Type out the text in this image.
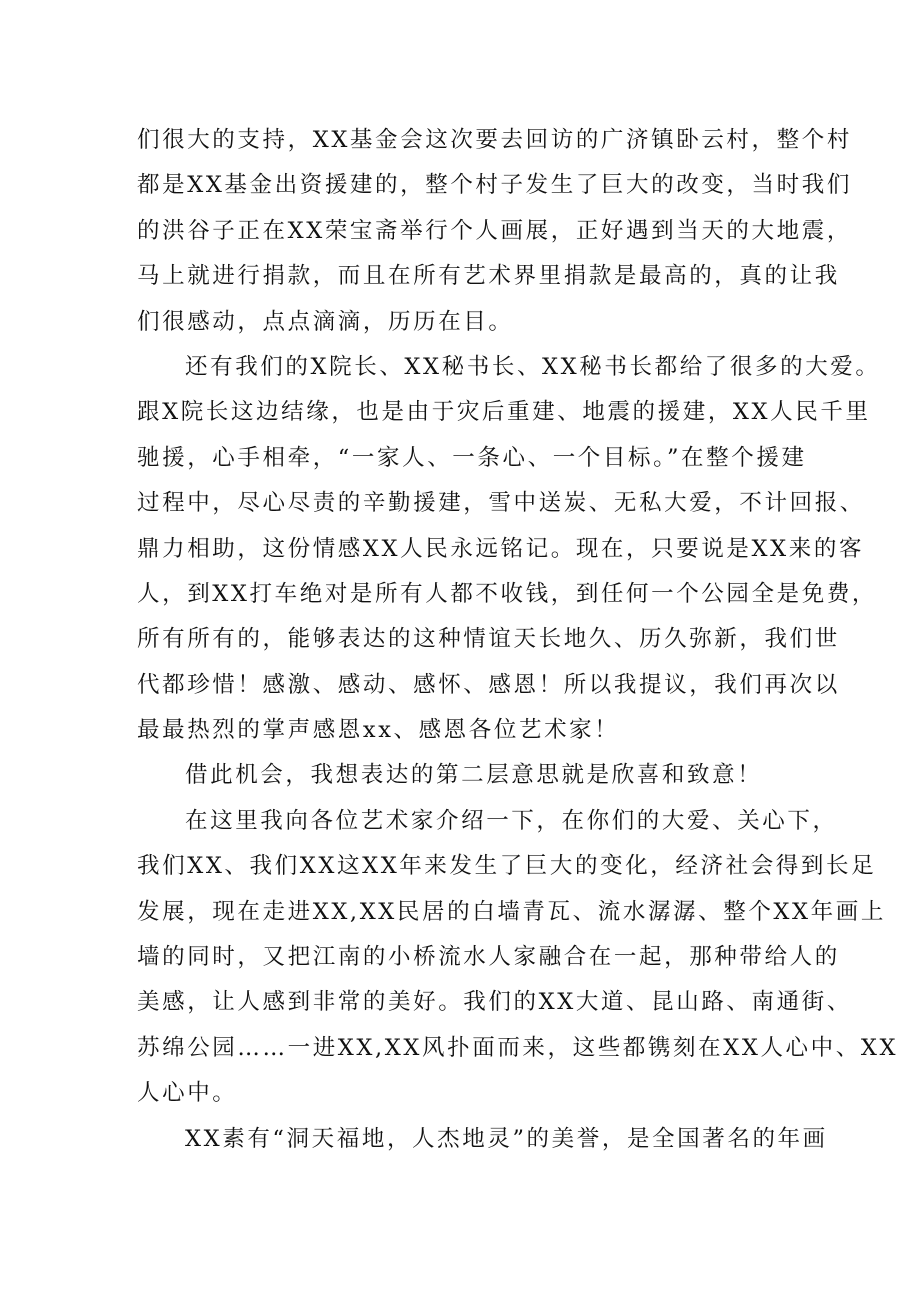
们很大的支持，XX基金会这次要去回访的广济镇卧云村，整个村
都是XX基金出资援建的，整个村子发生了巨大的改变，当时我们
的洪谷子正在XX荣宝斋举行个人画展，正好遇到当天的大地震，
马上就进行捐款，而且在所有艺术界里捐款是最高的，真的让我
们很感动，点点滴滴，历历在目。
还有我们的X院长、XX秘书长、XX秘书长都给了很多的大爱。
跟X院长这边结缘，也是由于灾后重建、地震的援建，XX人民千里
驰援，心手相牵，“一家人、一条心、一个目标。”在整个援建
过程中，尽心尽责的辛勤援建，雪中送炭、无私大爱，不计回报、
鼎力相助，这份情感XX人民永远铭记。现在，只要说是XX来的客
人，到XX打车绝对是所有人都不收钱，到任何一个公园全是免费，
所有所有的，能够表达的这种情谊天长地久、历久弥新，我们世
代都珍惜！感激、感动、感怀、感恩！所以我提议，我们再次以
最最热烈的掌声感恩xx、感恩各位艺术家！
借此机会，我想表达的第二层意思就是欣喜和致意！
在这里我向各位艺术家介绍一下，在你们的大爱、关心下，
我们XX、我们XX这XX年来发生了巨大的变化，经济社会得到长足
发展，现在走进XX,XX民居的白墙青瓦、流水潺潺、整个XX年画上
墙的同时，又把江南的小桥流水人家融合在一起，那种带给人的
美感，让人感到非常的美好。我们的XX大道、昆山路、南通街、
苏绵公园……一进XX,XX风扑面而来，这些都镌刻在XX人心中、XX
人心中。
XX素有“洞天福地，人杰地灵”的美誉，是全国著名的年画
